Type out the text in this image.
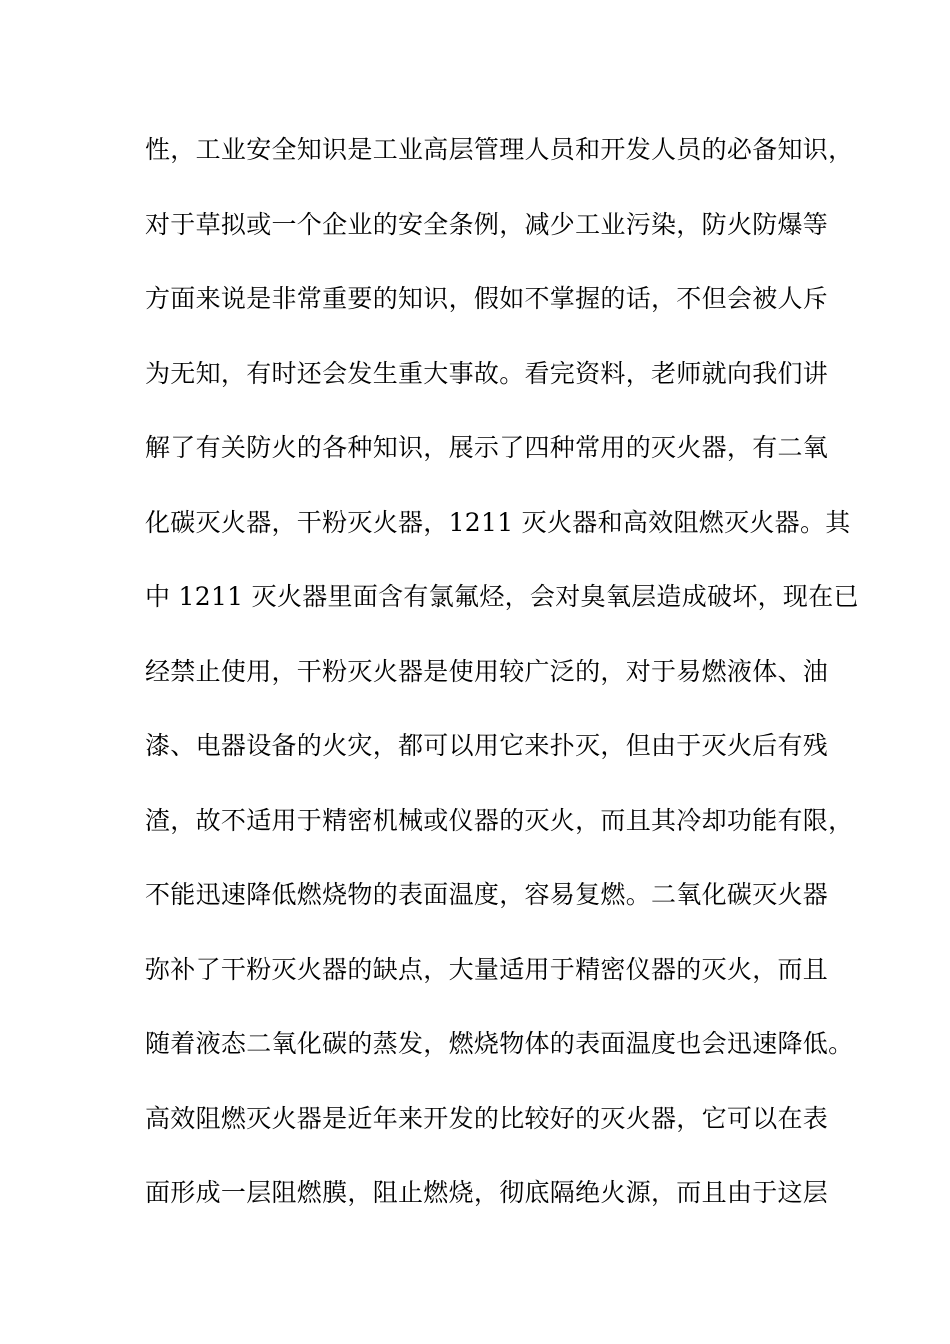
性，工业安全知识是工业高层管理人员和开发人员的必备知识，
对于草拟或一个企业的安全条例，减少工业污染，防火防爆等
方面来说是非常重要的知识，假如不掌握的话，不但会被人斥
为无知，有时还会发生重大事故。看完资料，老师就向我们讲
解了有关防火的各种知识，展示了四种常用的灭火器，有二氧
化碳灭火器，干粉灭火器，1211 灭火器和高效阻燃灭火器。其
中 1211 灭火器里面含有氯氟烃，会对臭氧层造成破坏，现在已
经禁止使用，干粉灭火器是使用较广泛的，对于易燃液体、油
漆、电器设备的火灾，都可以用它来扑灭，但由于灭火后有残
渣，故不适用于精密机械或仪器的灭火，而且其冷却功能有限，
不能迅速降低燃烧物的表面温度，容易复燃。二氧化碳灭火器
弥补了干粉灭火器的缺点，大量适用于精密仪器的灭火，而且
随着液态二氧化碳的蒸发，燃烧物体的表面温度也会迅速降低。
高效阻燃灭火器是近年来开发的比较好的灭火器，它可以在表
面形成一层阻燃膜，阻止燃烧，彻底隔绝火源，而且由于这层
